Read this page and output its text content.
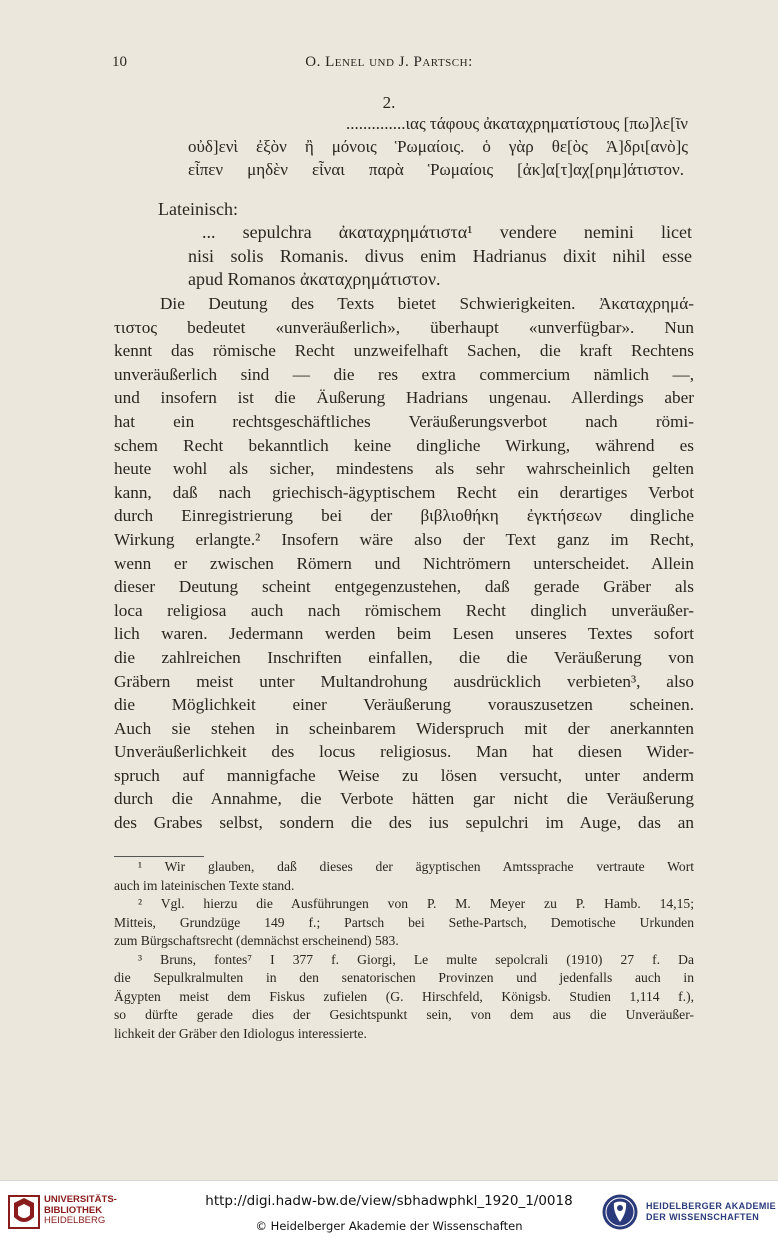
10	O. Lenel und J. Partsch:
2.
..............ιας τάφους ἀκαταχρηματίστους [πω]λε[ῖν
οὐδ]ενὶ ἐξὸν ἢ μόνοις Ῥωμαίοις. ὁ γὰρ θε[ὸς Ἁ]δρι[ανὸ]ς
εἶπεν μηδὲν εἶναι παρὰ Ῥωμαίοις [ἀκ]α[τ]αχ[ρημ]άτιστον.
Lateinisch:
... sepulchra ἀκαταχρημάτιστα¹ vendere nemini licet
nisi solis Romanis. divus enim Hadrianus dixit nihil esse
apud Romanos ἀκαταχρημάτιστον.
Die Deutung des Texts bietet Schwierigkeiten. Ἀκαταχρημά-
τιστος bedeutet «unveräußerlich», überhaupt «unverfügbar». Nun
kennt das römische Recht unzweifelhaft Sachen, die kraft Rechtens
unveräußerlich sind — die res extra commercium nämlich —,
und insofern ist die Äußerung Hadrians ungenau. Allerdings aber
hat ein rechtsgeschäftliches Veräußerungsverbot nach römi-
schem Recht bekanntlich keine dingliche Wirkung, während es
heute wohl als sicher, mindestens als sehr wahrscheinlich gelten
kann, daß nach griechisch-ägyptischem Recht ein derartiges Verbot
durch Einregistrierung bei der βιβλιοθήκη ἐγκτήσεων dingliche
Wirkung erlangte.² Insofern wäre also der Text ganz im Recht,
wenn er zwischen Römern und Nichtrömern unterscheidet. Allein
dieser Deutung scheint entgegenzustehen, daß gerade Gräber als
loca religiosa auch nach römischem Recht dinglich unveräußer-
lich waren. Jedermann werden beim Lesen unseres Textes sofort
die zahlreichen Inschriften einfallen, die die Veräußerung von
Gräbern meist unter Multandrohung ausdrücklich verbieten³, also
die Möglichkeit einer Veräußerung vorauszusetzen scheinen.
Auch sie stehen in scheinbarem Widerspruch mit der anerkannten
Unveräußerlichkeit des locus religiosus. Man hat diesen Wider-
spruch auf mannigfache Weise zu lösen versucht, unter anderm
durch die Annahme, die Verbote hätten gar nicht die Veräußerung
des Grabes selbst, sondern die des ius sepulchri im Auge, das an
¹ Wir glauben, daß dieses der ägyptischen Amtssprache vertraute Wort
auch im lateinischen Texte stand.
² Vgl. hierzu die Ausführungen von P. M. Meyer zu P. Hamb. 14,15;
Mitteis, Grundzüge 149 f.; Partsch bei Sethe-Partsch, Demotische Urkunden
zum Bürgschaftsrecht (demnächst erscheinend) 583.
³ Bruns, fontes⁷ I 377 f. Giorgi, Le multe sepolcrali (1910) 27 f. Da
die Sepulkralmulten in den senatorischen Provinzen und jedenfalls auch in
Ägypten meist dem Fiskus zufielen (G. Hirschfeld, Königsb. Studien 1,114 f.),
so dürfte gerade dies der Gesichtspunkt sein, von dem aus die Unveräußer-
lichkeit der Gräber den Idiologus interessierte.
UNIVERSITÄTS-
BIBLIOTHEK
HEIDELBERG
http://digi.hadw-bw.de/view/sbhadwphkl_1920_1/0018
© Heidelberger Akademie der Wissenschaften
HEIDELBERGER AKADEMIE
DER WISSENSCHAFTEN
